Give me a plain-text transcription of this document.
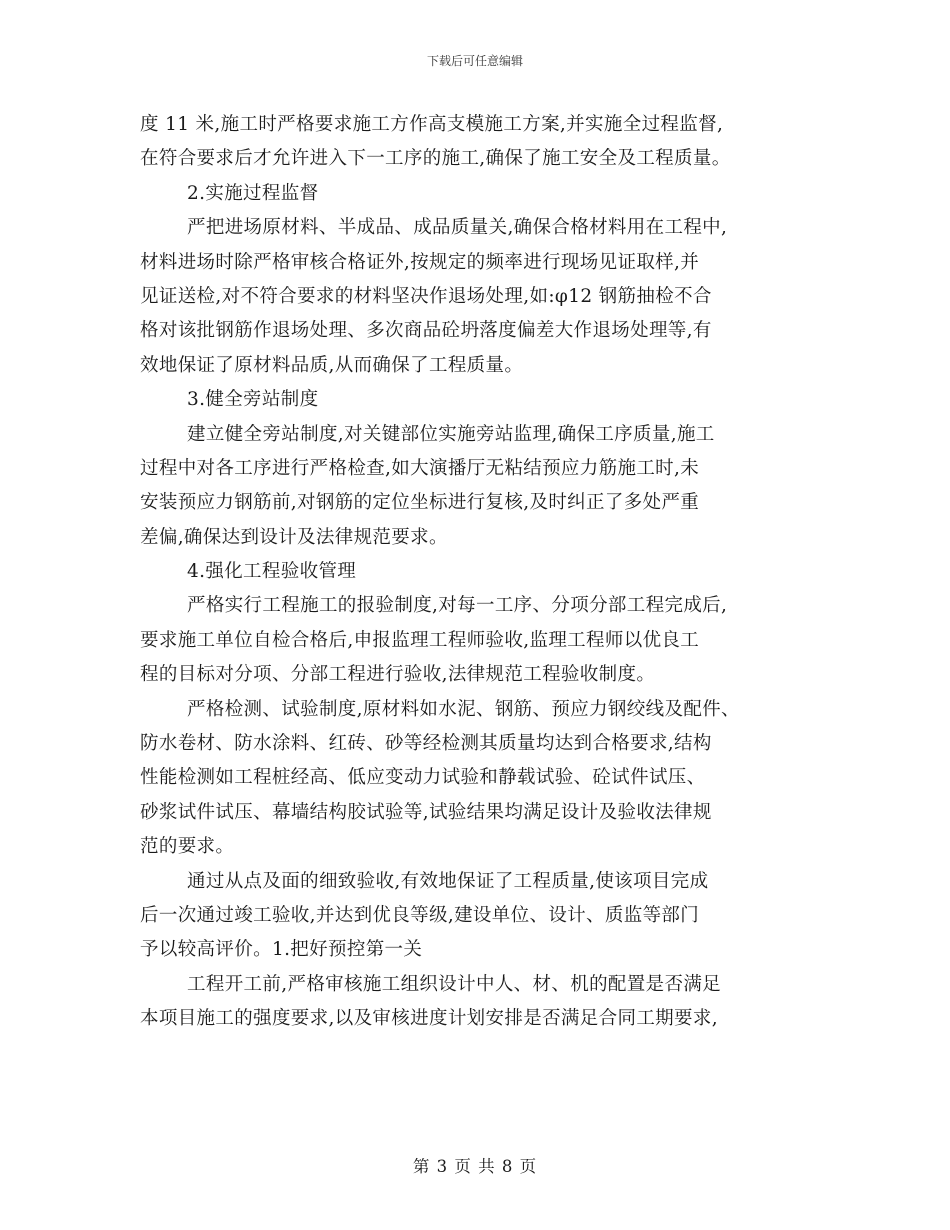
下载后可任意编辑
度 11 米,施工时严格要求施工方作高支模施工方案,并实施全过程监督,
在符合要求后才允许进入下一工序的施工,确保了施工安全及工程质量。
2.实施过程监督
严把进场原材料、半成品、成品质量关,确保合格材料用在工程中,
材料进场时除严格审核合格证外,按规定的频率进行现场见证取样,并
见证送检,对不符合要求的材料坚决作退场处理,如:φ12 钢筋抽检不合
格对该批钢筋作退场处理、多次商品砼坍落度偏差大作退场处理等,有
效地保证了原材料品质,从而确保了工程质量。
3.健全旁站制度
建立健全旁站制度,对关键部位实施旁站监理,确保工序质量,施工
过程中对各工序进行严格检查,如大演播厅无粘结预应力筋施工时,未
安装预应力钢筋前,对钢筋的定位坐标进行复核,及时纠正了多处严重
差偏,确保达到设计及法律规范要求。
4.强化工程验收管理
严格实行工程施工的报验制度,对每一工序、分项分部工程完成后,
要求施工单位自检合格后,申报监理工程师验收,监理工程师以优良工
程的目标对分项、分部工程进行验收,法律规范工程验收制度。
严格检测、试验制度,原材料如水泥、钢筋、预应力钢绞线及配件、
防水卷材、防水涂料、红砖、砂等经检测其质量均达到合格要求,结构
性能检测如工程桩经高、低应变动力试验和静载试验、砼试件试压、
砂浆试件试压、幕墙结构胶试验等,试验结果均满足设计及验收法律规
范的要求。
通过从点及面的细致验收,有效地保证了工程质量,使该项目完成
后一次通过竣工验收,并达到优良等级,建设单位、设计、质监等部门
予以较高评价。1.把好预控第一关
工程开工前,严格审核施工组织设计中人、材、机的配置是否满足
本项目施工的强度要求,以及审核进度计划安排是否满足合同工期要求,
第 3 页 共 8 页
